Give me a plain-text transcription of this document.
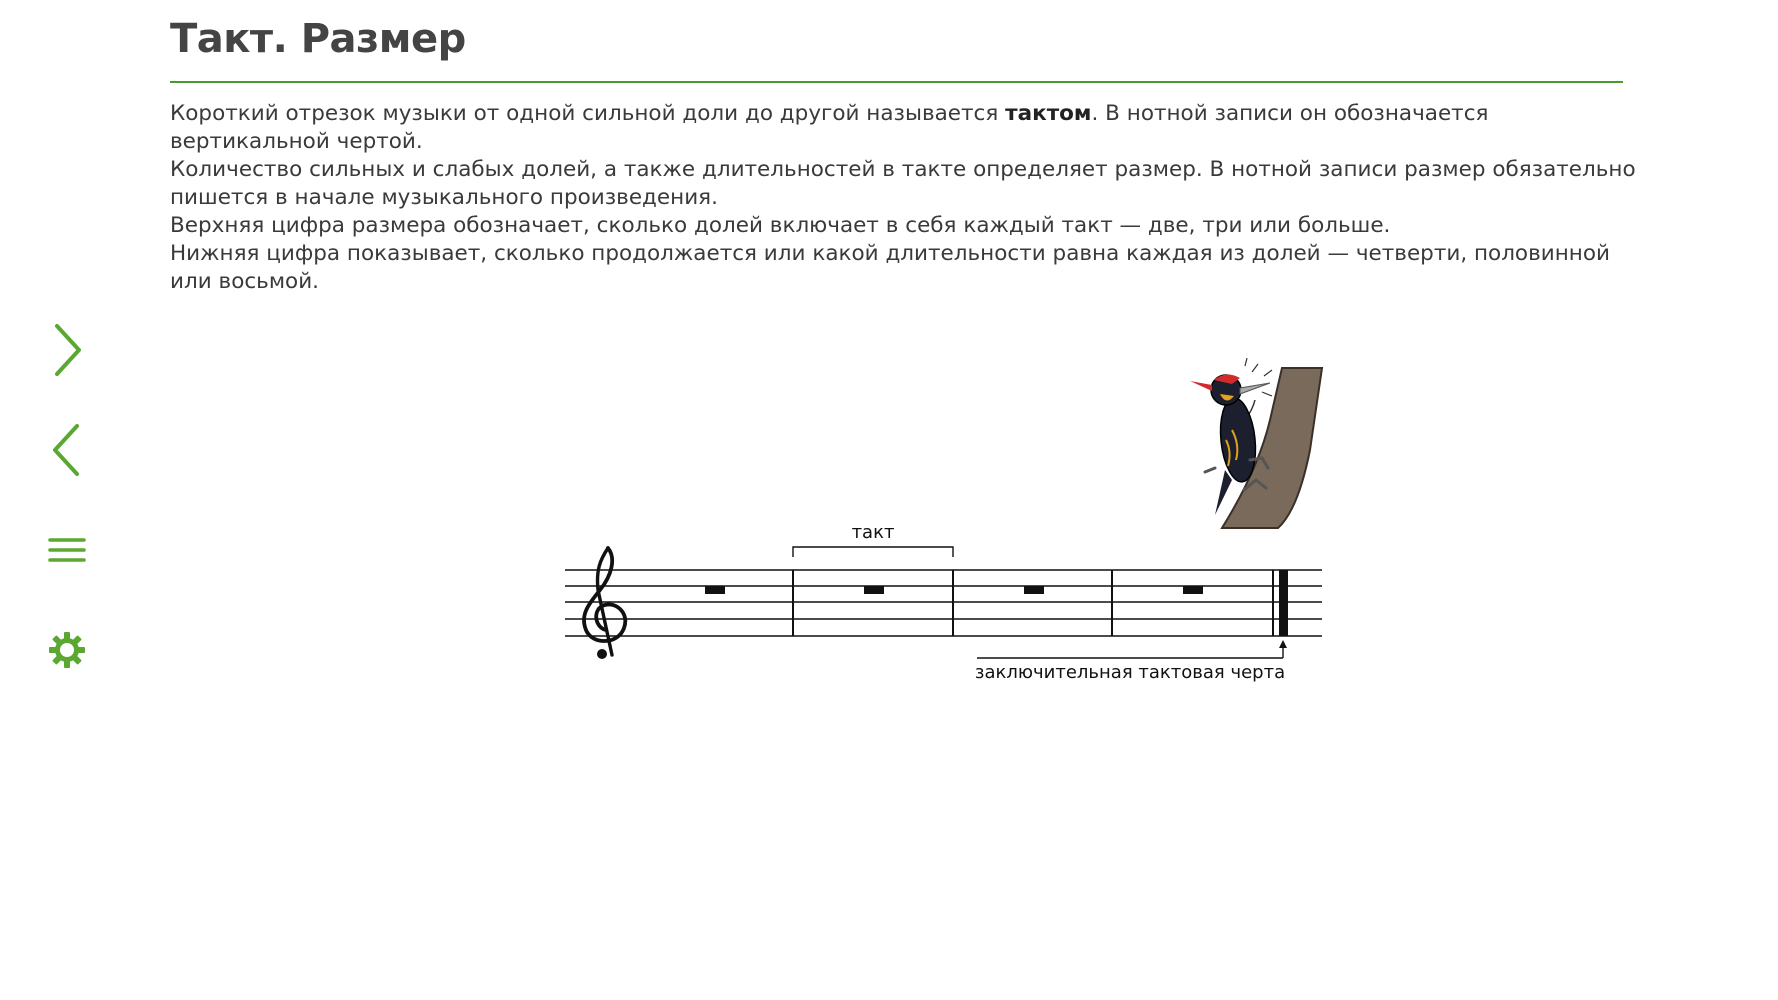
Такт. Размер

Короткий отрезок музыки от одной сильной доли до другой называется тактом. В нотной записи он обозначается вертикальной чертой.

Количество сильных и слабых долей, а также длительностей в такте определяет размер. В нотной записи размер обязательно пишется в начале музыкального произведения.

Верхняя цифра размера обозначает, сколько долей включает в себя каждый такт — две, три или больше.

Нижняя цифра показывает, сколько продолжается или какой длительности равна каждая из долей — четверти, половинной или восьмой.

такт
заключительная тактовая черта
